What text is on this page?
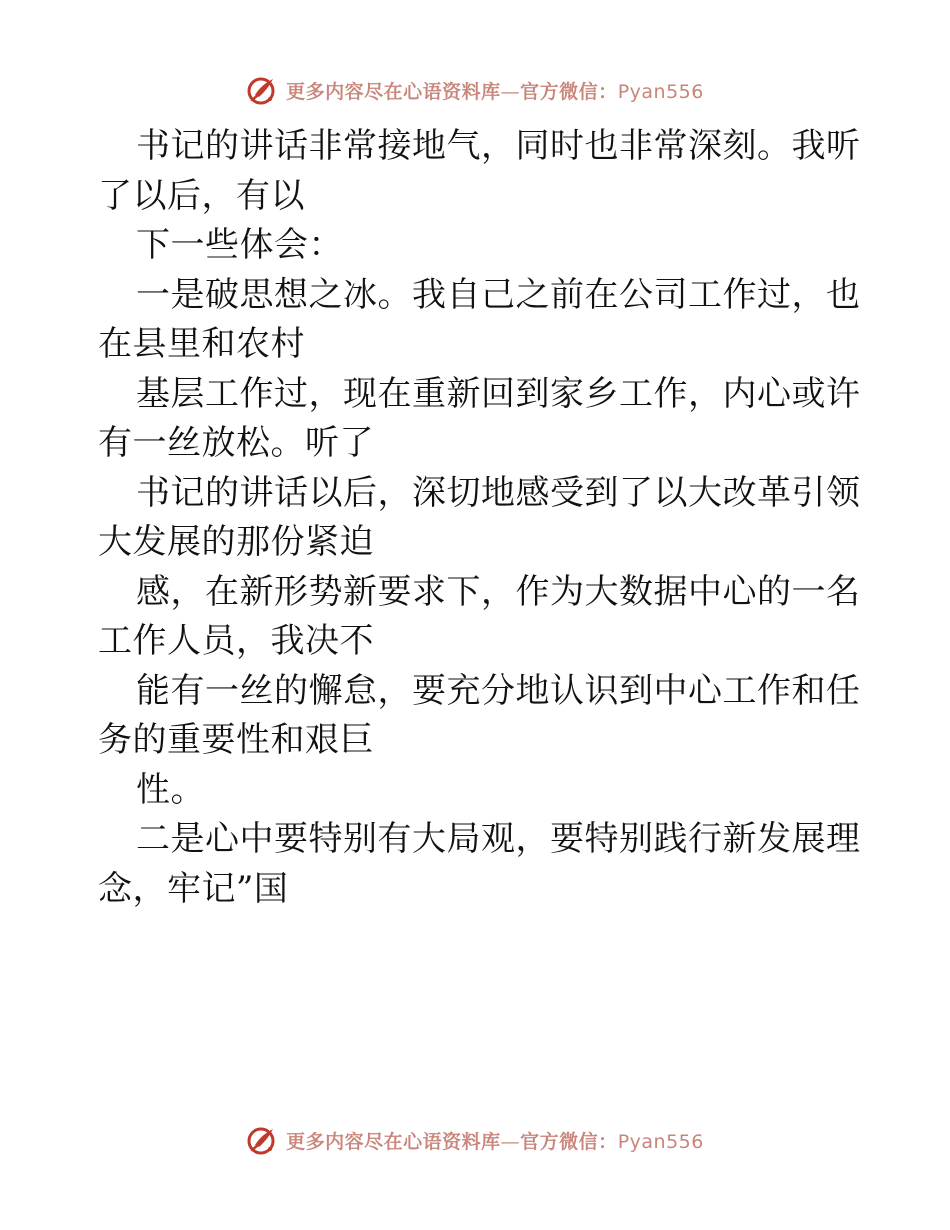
更多内容尽在心语资料库—官方微信：Pyan556
书记的讲话非常接地气，同时也非常深刻。我听
了以后，有以
下一些体会：
一是破思想之冰。我自己之前在公司工作过，也
在县里和农村
基层工作过，现在重新回到家乡工作，内心或许
有一丝放松。听了
书记的讲话以后，深切地感受到了以大改革引领
大发展的那份紧迫
感，在新形势新要求下，作为大数据中心的一名
工作人员，我决不
能有一丝的懈怠，要充分地认识到中心工作和任
务的重要性和艰巨
性。
二是心中要特别有大局观，要特别践行新发展理
念，牢记”国
更多内容尽在心语资料库—官方微信：Pyan556
